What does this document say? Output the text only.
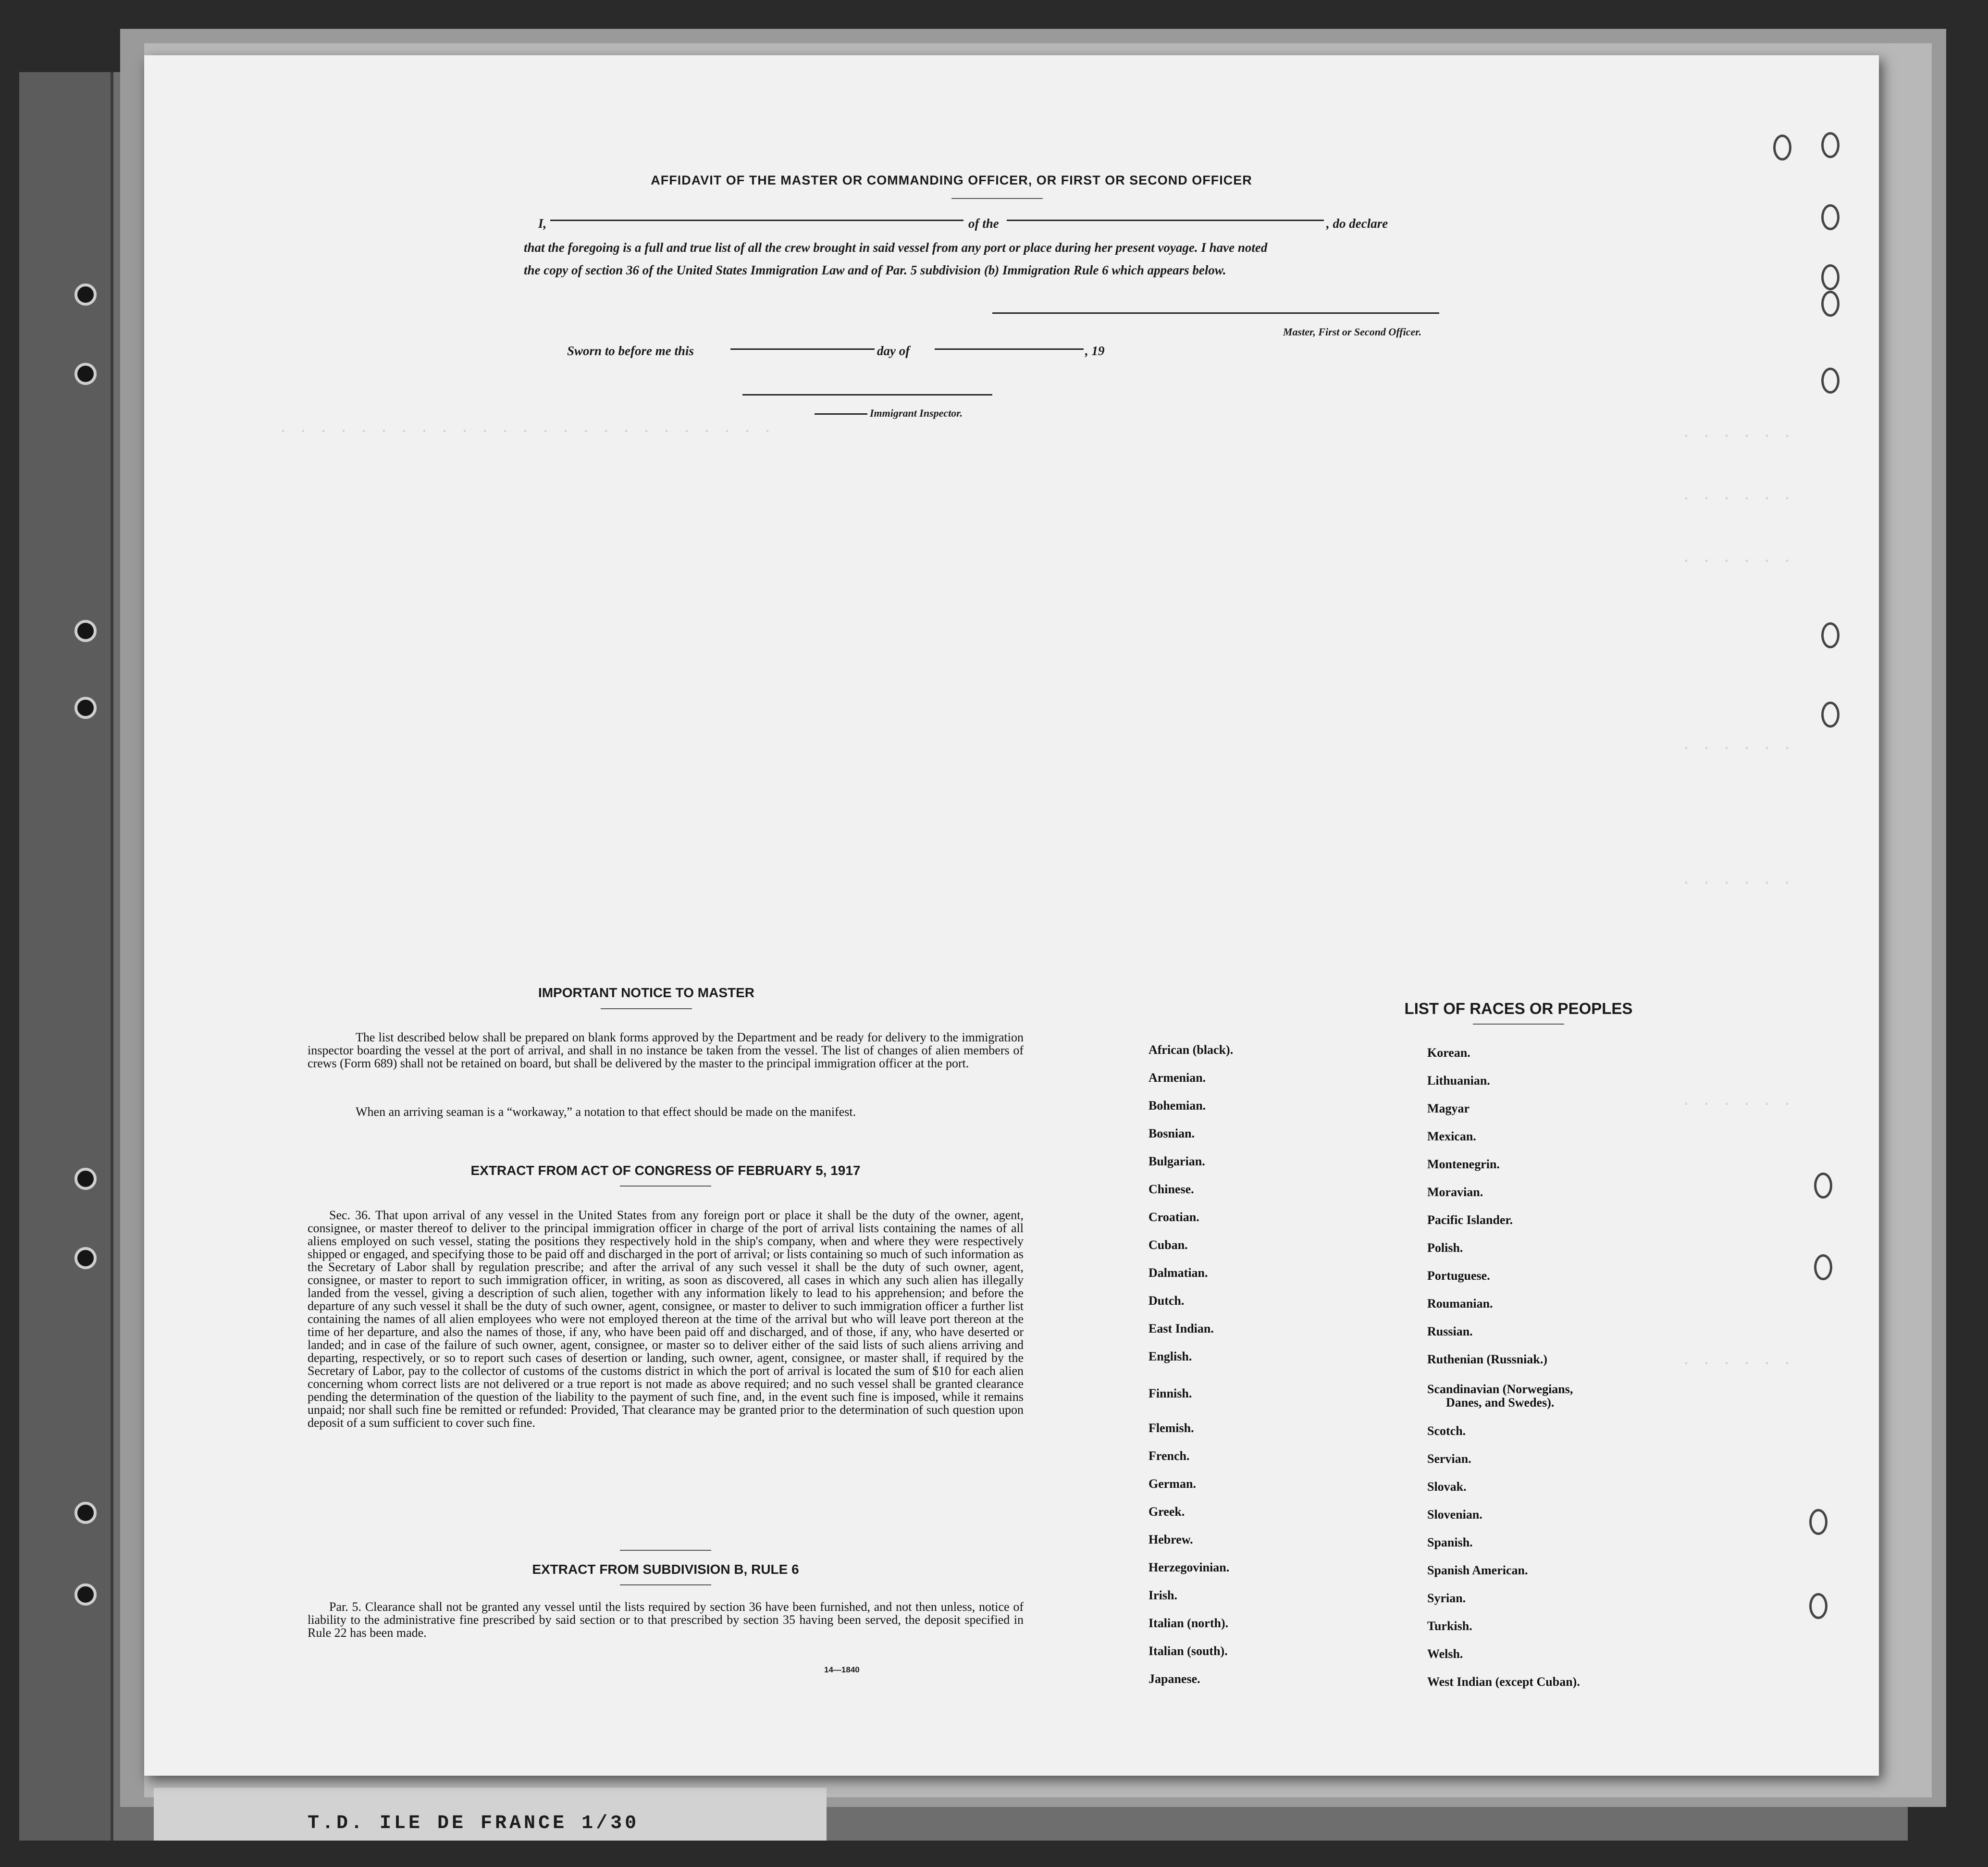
T.D. ILE DE FRANCE 1/30
. . . . . . . . . . . . . . . . . . . . . . . . .	. . . . . .
. . . . . .
. . . . . .
. . . . . .
. . . . . .
. . . . . .
. . . . . .
AFFIDAVIT OF THE MASTER OR COMMANDING OFFICER, OR FIRST OR SECOND OFFICER
I,	of the	, do declare
that the foregoing is a full and true list of all the crew brought in said vessel from any port or place during her present voyage. I have noted
the copy of section 36 of the United States Immigration Law and of Par. 5 subdivision (b) Immigration Rule 6 which appears below.
Master, First or Second Officer.
Sworn to before me this	day of	, 19
Immigrant Inspector.
IMPORTANT NOTICE TO MASTER
The list described below shall be prepared on blank forms approved by the Department and be ready for delivery to the immigration inspector boarding the vessel at the port of arrival, and shall in no instance be taken from the vessel. The list of changes of alien members of crews (Form 689) shall not be retained on board, but shall be delivered by the master to the principal immigration officer at the port.
When an arriving seaman is a “workaway,” a notation to that effect should be made on the manifest.
EXTRACT FROM ACT OF CONGRESS OF FEBRUARY 5, 1917
Sec. 36. That upon arrival of any vessel in the United States from any foreign port or place it shall be the duty of the owner, agent, consignee, or master thereof to deliver to the principal immigration officer in charge of the port of arrival lists containing the names of all aliens employed on such vessel, stating the positions they respectively hold in the ship's company, when and where they were respectively shipped or engaged, and specifying those to be paid off and discharged in the port of arrival; or lists containing so much of such information as the Secretary of Labor shall by regulation prescribe; and after the arrival of any such vessel it shall be the duty of such owner, agent, consignee, or master to report to such immigration officer, in writing, as soon as discovered, all cases in which any such alien has illegally landed from the vessel, giving a description of such alien, together with any information likely to lead to his apprehension; and before the departure of any such vessel it shall be the duty of such owner, agent, consignee, or master to deliver to such immigration officer a further list containing the names of all alien employees who were not employed thereon at the time of the arrival but who will leave port thereon at the time of her departure, and also the names of those, if any, who have been paid off and discharged, and of those, if any, who have deserted or landed; and in case of the failure of such owner, agent, consignee, or master so to deliver either of the said lists of such aliens arriving and departing, respectively, or so to report such cases of desertion or landing, such owner, agent, consignee, or master shall, if required by the Secretary of Labor, pay to the collector of customs of the customs district in which the port of arrival is located the sum of $10 for each alien concerning whom correct lists are not delivered or a true report is not made as above required; and no such vessel shall be granted clearance pending the determination of the question of the liability to the payment of such fine, and, in the event such fine is imposed, while it remains unpaid; nor shall such fine be remitted or refunded: Provided, That clearance may be granted prior to the determination of such question upon deposit of a sum sufficient to cover such fine.
EXTRACT FROM SUBDIVISION B, RULE 6
Par. 5. Clearance shall not be granted any vessel until the lists required by section 36 have been furnished, and not then unless, notice of liability to the administrative fine prescribed by said section or to that prescribed by section 35 having been served, the deposit specified in Rule 22 has been made.
14—1840
LIST OF RACES OR PEOPLES
African (black).
Armenian.
Bohemian.
Bosnian.
Bulgarian.
Chinese.
Croatian.
Cuban.
Dalmatian.
Dutch.
East Indian.
English.
Finnish.
Flemish.
French.
German.
Greek.
Hebrew.
Herzegovinian.
Irish.
Italian (north).
Italian (south).
Japanese.
Korean.
Lithuanian.
Magyar
Mexican.
Montenegrin.
Moravian.
Pacific Islander.
Polish.
Portuguese.
Roumanian.
Russian.
Ruthenian (Russniak.)
Scandinavian (Norwegians,
Danes, and Swedes).
Scotch.
Servian.
Slovak.
Slovenian.
Spanish.
Spanish American.
Syrian.
Turkish.
Welsh.
West Indian (except Cuban).
